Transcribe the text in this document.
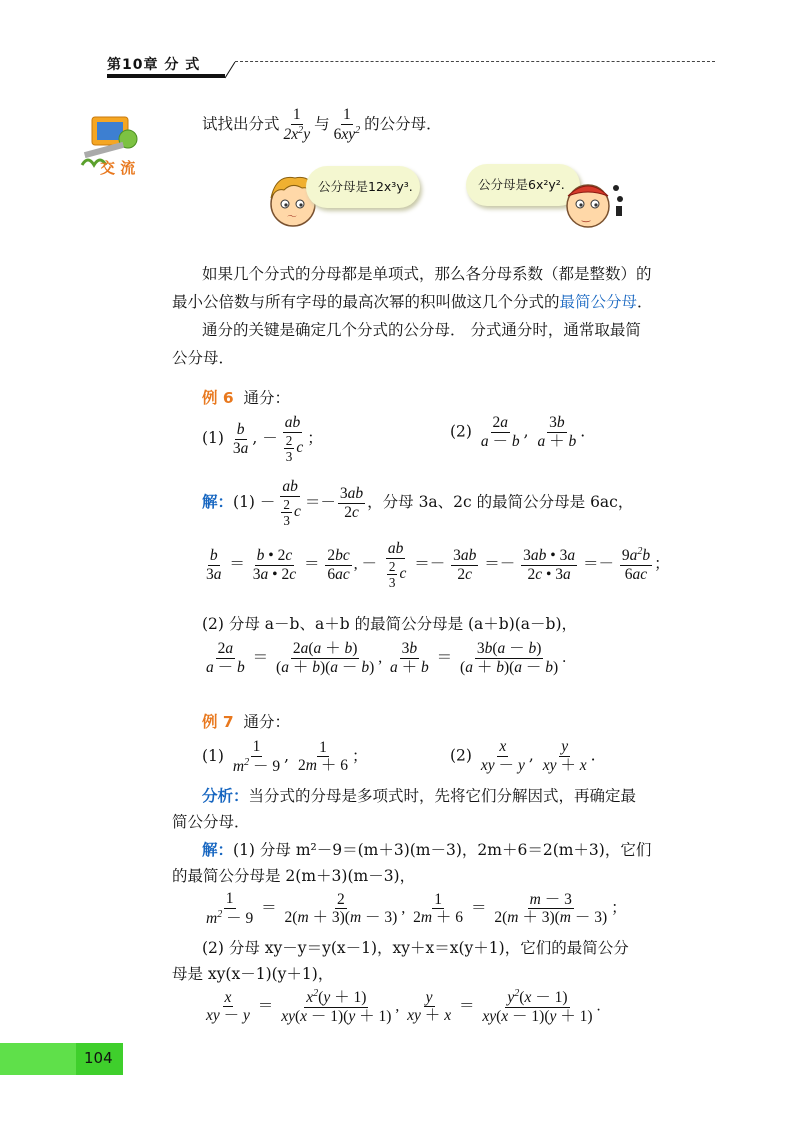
第10章 分 式
交 流
试找出分式 $\frac{1}{2x^2y}$ 与 $\frac{1}{6xy^2}$ 的公分母．
～
公分母是12x³y³.	公分母是6x²y².
‿
如果几个分式的分母都是单项式，那么各分母系数（都是整数）的
最小公倍数与所有字母的最高次幂的积叫做这几个分式的最简公分母．
通分的关键是确定几个分式的公分母． 分式通分时，通常取最简
公分母．
例 6 通分：
$(1) \frac{b}{3a}$ , － $\frac{ab}{\frac{2}{3} c}$ ；	$(2) \frac{2a}{a - b}$ , $\frac{3b}{a + b}$ .
解：$(1) - \frac{ab}{\frac{2}{3} c} =- \frac{3ab}{2c}$ ，分母 3a、2c 的最简公分母是 6ac，
$\frac{b}{3a} = \frac{b • 2c}{3a • 2c} = \frac{2bc}{6ac}$ , － $\frac{ab}{\frac{2}{3} c} =- \frac{3ab}{2c} =- \frac{3ab • 3a}{2c • 3a} =- \frac{9a^2b}{6ac}$ ；
(2) 分母 a－b、a＋b 的最简公分母是 (a＋b)(a－b)，
$\frac{2a}{a - b} = \frac{2a(a + b)}{(a + b)(a - b)}$ , $\frac{3b}{a + b} = \frac{3b(a - b)}{(a + b)(a - b)}$ .
例 7 通分：
$(1) \frac{1}{m^2 - 9}$ , $\frac{1}{2m + 6}$ ；	$(2) \frac{x}{xy - y}$ , $\frac{y}{xy + x}$ .
分析：当分式的分母是多项式时，先将它们分解因式，再确定最
简公分母．
解：(1) 分母 m²－9＝(m＋3)(m－3)，2m＋6＝2(m＋3)，它们
的最简公分母是 2(m＋3)(m－3)，
$\frac{1}{m^2 - 9} = \frac{2}{2(m + 3)(m - 3)}$ , $\frac{1}{2m + 6} = \frac{m - 3}{2(m + 3)(m - 3)}$ ；
(2) 分母 xy－y＝y(x－1)，xy＋x＝x(y＋1)，它们的最简公分
母是 xy(x－1)(y＋1)，
$\frac{x}{xy - y} = \frac{x^2(y + 1)}{xy(x - 1)(y + 1)}$ , $\frac{y}{xy + x} = \frac{y^2(x - 1)}{xy(x - 1)(y + 1)}$ .
104
